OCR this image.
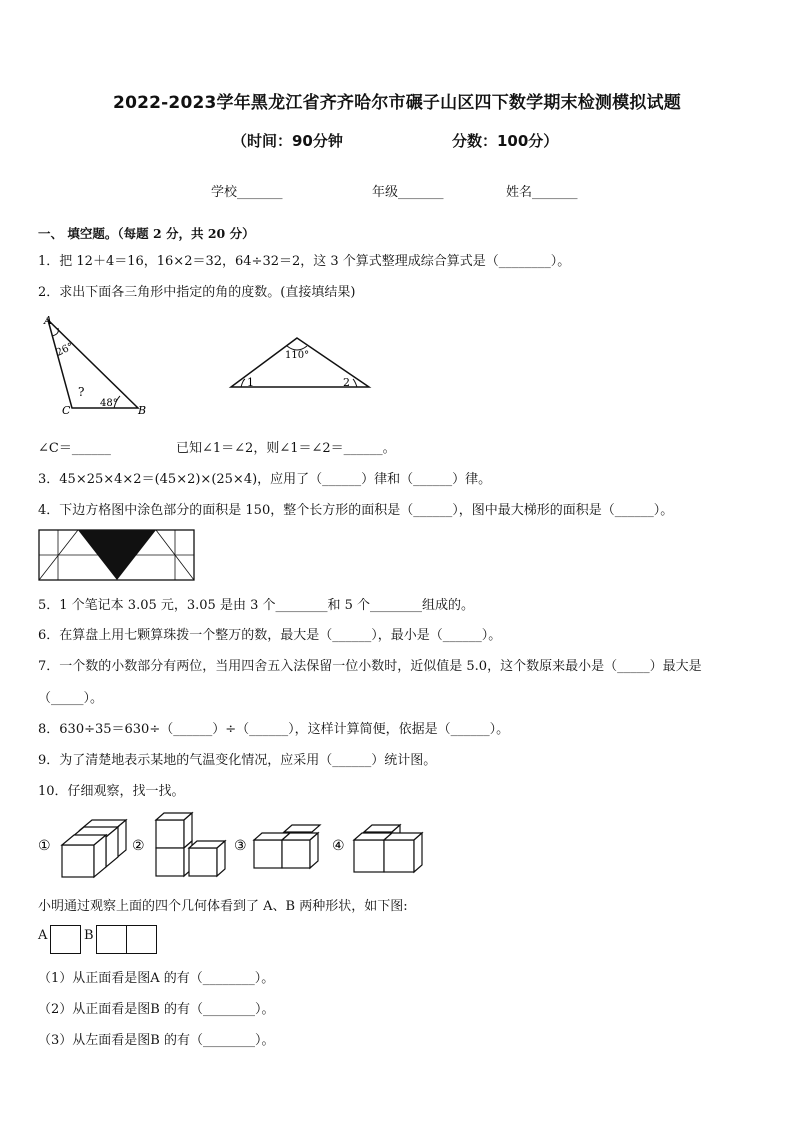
2022-2023学年黑龙江省齐齐哈尔市碾子山区四下数学期末检测模拟试题
（时间：90分钟	分数：100分）
学校_______	年级_______	姓名_______
一、 填空题。（每题 2 分，共 20 分）
1．把 12＋4＝16，16×2＝32，64÷32＝2，这 3 个算式整理成综合算式是（________）。
2．求出下面各三角形中指定的角的度数。(直接填结果)
A
C	B
26°
?
48°
110°
1	2
∠C＝______	已知∠1＝∠2，则∠1＝∠2＝______。
3．45×25×4×2＝(45×2)×(25×4)，应用了（______）律和（______）律。
4．下边方格图中涂色部分的面积是 150，整个长方形的面积是（______），图中最大梯形的面积是（______）。
5．1 个笔记本 3.05 元，3.05 是由 3 个________和 5 个________组成的。
6．在算盘上用七颗算珠拨一个整万的数，最大是（______），最小是（______）。
7．一个数的小数部分有两位，当用四舍五入法保留一位小数时，近似值是 5.0，这个数原来最小是（_____）最大是
（_____）。
8．630÷35＝630÷（______）÷（______），这样计算简便，依据是（______）。
9．为了清楚地表示某地的气温变化情况，应采用（______）统计图。
10．仔细观察，找一找。
①	②	③	④
小明通过观察上面的四个几何体看到了 A、B 两种形状，如下图:
A	B
（1）从正面看是图A 的有（________）。
（2）从正面看是图B 的有（________）。
（3）从左面看是图B 的有（________）。
